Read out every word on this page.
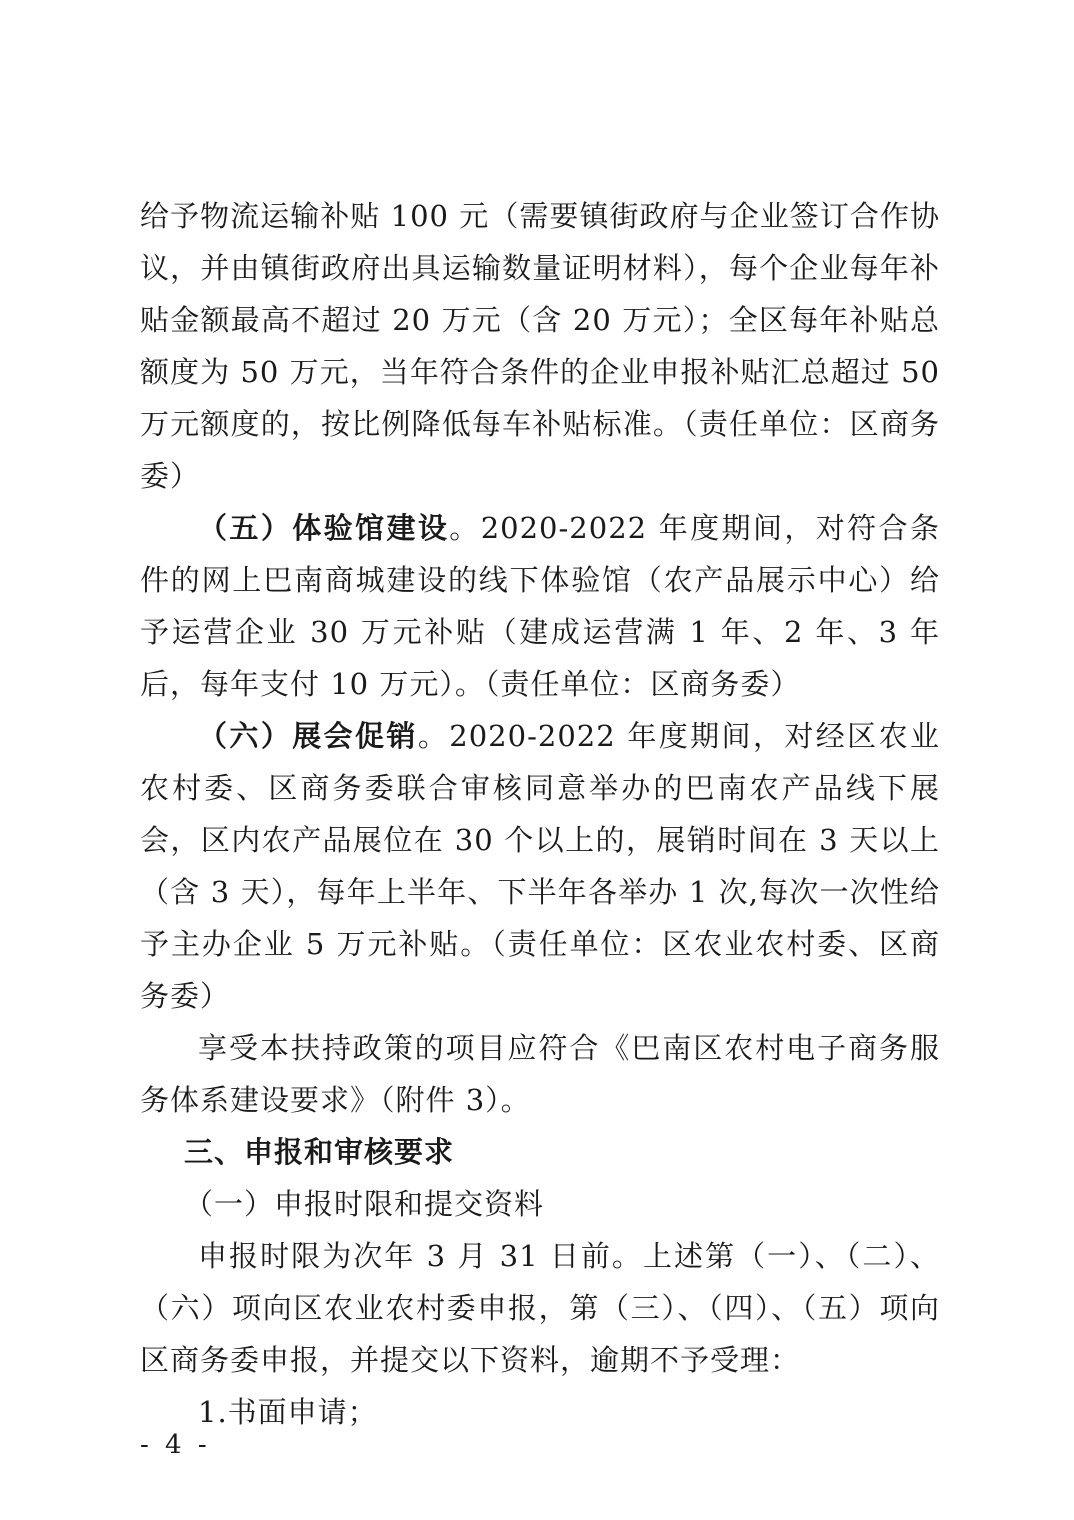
给予物流运输补贴 100 元（需要镇街政府与企业签订合作协议，并由镇街政府出具运输数量证明材料），每个企业每年补贴金额最高不超过 20 万元（含 20 万元）；全区每年补贴总额度为 50 万元，当年符合条件的企业申报补贴汇总超过 50 万元额度的，按比例降低每车补贴标准。（责任单位：区商务委）

（五）体验馆建设。2020-2022 年度期间，对符合条件的网上巴南商城建设的线下体验馆（农产品展示中心）给予运营企业 30 万元补贴（建成运营满 1 年、2 年、3 年后，每年支付 10 万元）。（责任单位：区商务委）

（六）展会促销。2020-2022 年度期间，对经区农业农村委、区商务委联合审核同意举办的巴南农产品线下展会，区内农产品展位在 30 个以上的，展销时间在 3 天以上（含 3 天），每年上半年、下半年各举办 1 次,每次一次性给予主办企业 5 万元补贴。（责任单位：区农业农村委、区商务委）

享受本扶持政策的项目应符合《巴南区农村电子商务服务体系建设要求》（附件 3）。

三、申报和审核要求

（一）申报时限和提交资料

申报时限为次年 3 月 31 日前。上述第（一）、（二）、（六）项向区农业农村委申报，第（三）、（四）、（五）项向区商务委申报，并提交以下资料，逾期不予受理：

1.书面申请；

- 4 -
